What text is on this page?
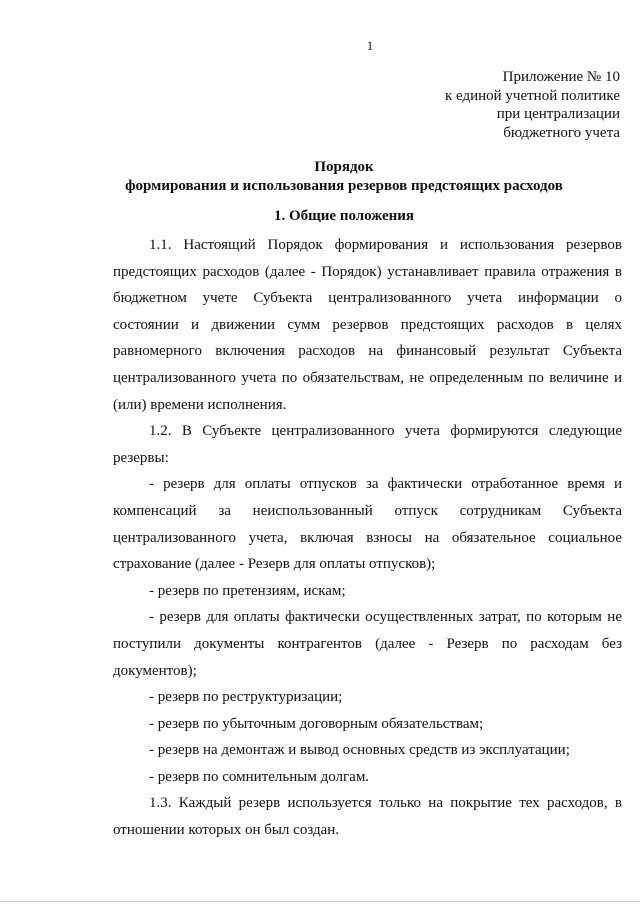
1
Приложение № 10
к единой учетной политике
при централизации
бюджетного учета
Порядок
формирования и использования резервов предстоящих расходов
1. Общие положения
1.1. Настоящий Порядок формирования и использования резервов
предстоящих расходов (далее - Порядок) устанавливает правила отражения в
бюджетном учете Субъекта централизованного учета информации о
состоянии и движении сумм резервов предстоящих расходов в целях
равномерного включения расходов на финансовый результат Субъекта
централизованного учета по обязательствам, не определенным по величине и
(или) времени исполнения.
1.2. В Субъекте централизованного учета формируются следующие
резервы:
- резерв для оплаты отпусков за фактически отработанное время и
компенсаций за неиспользованный отпуск сотрудникам Субъекта
централизованного учета, включая взносы на обязательное социальное
страхование (далее - Резерв для оплаты отпусков);
- резерв по претензиям, искам;
- резерв для оплаты фактически осуществленных затрат, по которым не
поступили документы контрагентов (далее - Резерв по расходам без
документов);
- резерв по реструктуризации;
- резерв по убыточным договорным обязательствам;
- резерв на демонтаж и вывод основных средств из эксплуатации;
- резерв по сомнительным долгам.
1.3. Каждый резерв используется только на покрытие тех расходов, в
отношении которых он был создан.
